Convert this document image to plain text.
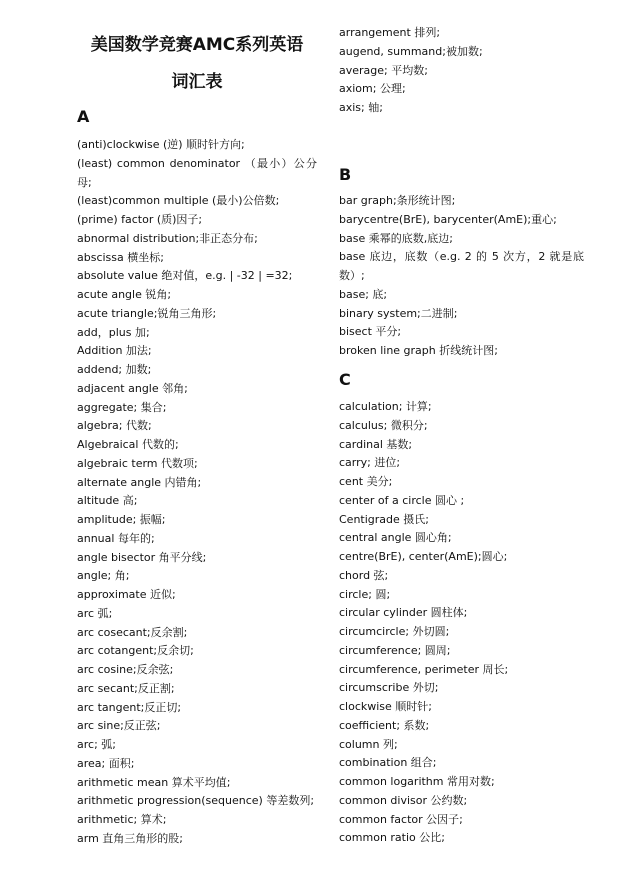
美国数学竞赛AMC系列英语
词汇表
A
(anti)clockwise (逆) 顺时针方向;
(least) common denominator （最小）公分母;
(least)common multiple (最小)公倍数;
(prime) factor (质)因子;
abnormal distribution;非正态分布;
abscissa 横坐标;
absolute value 绝对值，e.g. | -32 | =32;
acute angle 锐角;
acute triangle;锐角三角形;
add，plus 加;
Addition 加法;
addend; 加数;
adjacent angle 邻角;
aggregate; 集合;
algebra; 代数;
Algebraical 代数的;
algebraic term 代数项;
alternate angle 内错角;
altitude 高;
amplitude; 振幅;
annual 每年的;
angle bisector 角平分线;
angle; 角;
approximate 近似;
arc 弧;
arc cosecant;反余割;
arc cotangent;反余切;
arc cosine;反余弦;
arc secant;反正割;
arc tangent;反正切;
arc sine;反正弦;
arc; 弧;
area; 面积;
arithmetic mean 算术平均值;
arithmetic progression(sequence) 等差数列;
arithmetic; 算术;
arm 直角三角形的股;
arrangement 排列;
augend, summand;被加数;
average; 平均数;
axiom; 公理;
axis; 轴;
B
bar graph;条形统计图;
barycentre(BrE), barycenter(AmE);重心;
base 乘幂的底数,底边;
base 底边，底数（e.g. 2 的 5 次方，2 就是底数）;
base; 底;
binary system;二进制;
bisect 平分;
broken line graph 折线统计图;
C
calculation; 计算;
calculus; 微积分;
cardinal 基数;
carry; 进位;
cent 美分;
center of a circle 圆心 ;
Centigrade 摄氏;
central angle 圆心角;
centre(BrE), center(AmE);圆心;
chord 弦;
circle; 圆;
circular cylinder 圆柱体;
circumcircle; 外切圆;
circumference; 圆周;
circumference, perimeter 周长;
circumscribe 外切;
clockwise 顺时针;
coefficient; 系数;
column 列;
combination 组合;
common logarithm 常用对数;
common divisor 公约数;
common factor 公因子;
common ratio 公比;
